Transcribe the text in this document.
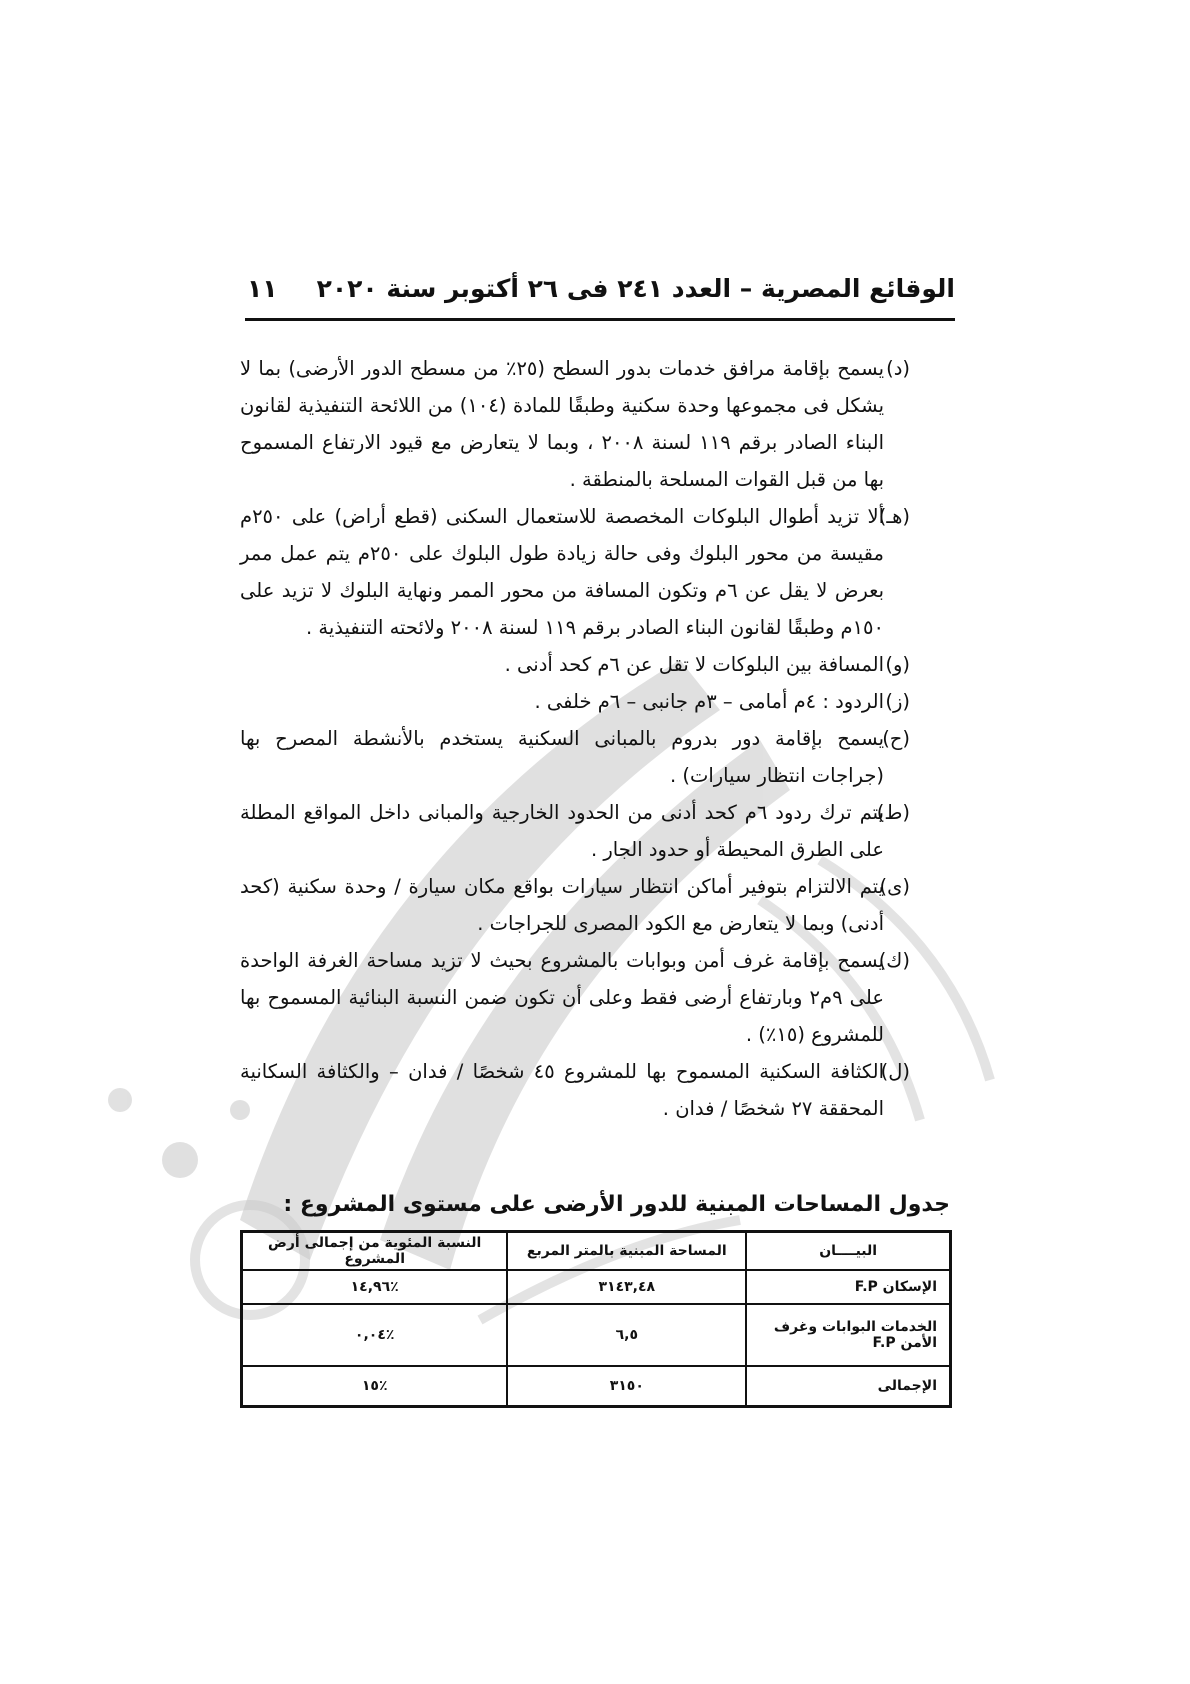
الوقائع المصرية – العدد ٢٤١ فى ٢٦ أكتوبر سنة ٢٠٢٠
١١
(د)
يسمح بإقامة مرافق خدمات بدور السطح (٢٥٪ من مسطح الدور الأرضى) بما لا يشكل فى مجموعها وحدة سكنية وطبقًا للمادة (١٠٤) من اللائحة التنفيذية لقانون البناء الصادر برقم ١١٩ لسنة ٢٠٠٨ ، وبما لا يتعارض مع قيود الارتفاع المسموح بها من قبل القوات المسلحة بالمنطقة .
(هـ)
ألا تزيد أطوال البلوكات المخصصة للاستعمال السكنى (قطع أراض) على ٢٥٠م مقيسة من محور البلوك وفى حالة زيادة طول البلوك على ٢٥٠م يتم عمل ممر بعرض لا يقل عن ٦م وتكون المسافة من محور الممر ونهاية البلوك لا تزيد على ١٥٠م وطبقًا لقانون البناء الصادر برقم ١١٩ لسنة ٢٠٠٨ ولائحته التنفيذية .
(و)
المسافة بين البلوكات لا تقل عن ٦م كحد أدنى .
(ز)
الردود : ٤م أمامى – ٣م جانبى – ٦م خلفى .
(ح)
يسمح بإقامة دور بدروم بالمبانى السكنية يستخدم بالأنشطة المصرح بها (جراجات انتظار سيارات) .
(ط)
يتم ترك ردود ٦م كحد أدنى من الحدود الخارجية والمبانى داخل المواقع المطلة على الطرق المحيطة أو حدود الجار .
(ى)
يتم الالتزام بتوفير أماكن انتظار سيارات بواقع مكان سيارة / وحدة سكنية (كحد أدنى) وبما لا يتعارض مع الكود المصرى للجراجات .
(ك)
يسمح بإقامة غرف أمن وبوابات بالمشروع بحيث لا تزيد مساحة الغرفة الواحدة على ٩م٢ وبارتفاع أرضى فقط وعلى أن تكون ضمن النسبة البنائية المسموح بها للمشروع (١٥٪) .
(ل)
الكثافة السكنية المسموح بها للمشروع ٤٥ شخصًا / فدان – والكثافة السكانية المحققة ٢٧ شخصًا / فدان .
جدول المساحات المبنية للدور الأرضى على مستوى المشروع :
البيــــان	المساحة المبنية بالمتر المربع	النسبة المئوية من إجمالى أرض المشروع
الإسكان F.P	٣١٤٣,٤٨	٪١٤,٩٦
الخدمات البوابات وغرف الأمن F.P	٦,٥	٪٠,٠٤
الإجمالى	٣١٥٠	٪١٥
